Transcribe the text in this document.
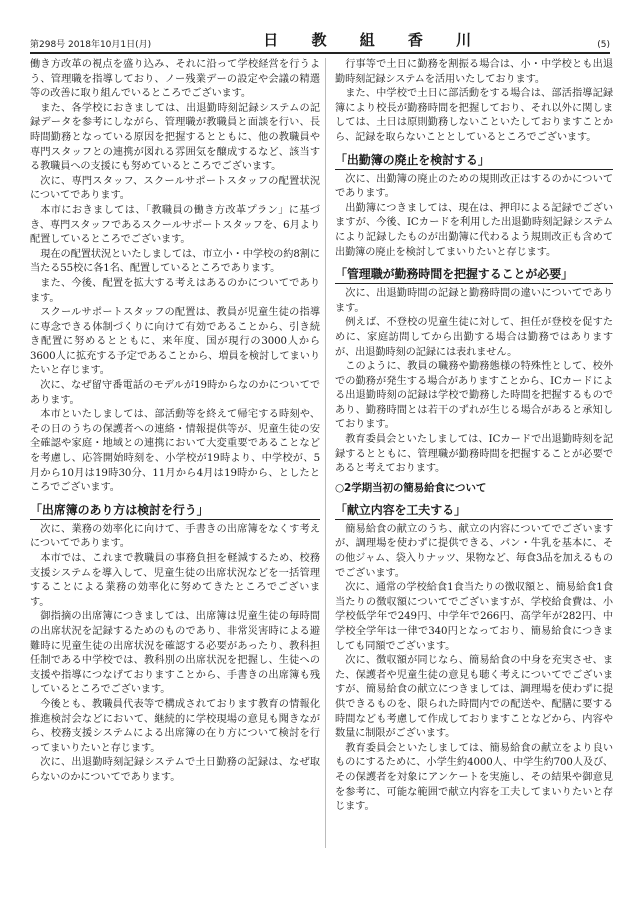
第298号 2018年10月1日(月)	日 教 組 香 川	(5)

働き方改革の視点を盛り込み、それに沿って学校経営を行うよう、管理職を指導しており、ノー残業デーの設定や会議の精選等の改善に取り組んでいるところでございます。

また、各学校におきましては、出退勤時刻記録システムの記録データを参考にしながら、管理職が教職員と面談を行い、長時間勤務となっている原因を把握するとともに、他の教職員や専門スタッフとの連携が図れる雰囲気を醸成するなど、該当する教職員への支援にも努めているところでございます。

次に、専門スタッフ、スクールサポートスタッフの配置状況についてであります。

本市におきましては、「教職員の働き方改革プラン」に基づき、専門スタッフであるスクールサポートスタッフを、6月より配置しているところでございます。

現在の配置状況といたしましては、市立小・中学校の約8割に当たる55校に各1名、配置しているところであります。

また、今後、配置を拡大する考えはあるのかについてであります。

スクールサポートスタッフの配置は、教員が児童生徒の指導に専念できる体制づくりに向けて有効であることから、引き続き配置に努めるとともに、来年度、国が現行の3000人から3600人に拡充する予定であることから、増員を検討してまいりたいと存じます。

次に、なぜ留守番電話のモデルが19時からなのかについてであります。

本市といたしましては、部活動等を終えて帰宅する時刻や、その日のうちの保護者への連絡・情報提供等が、児童生徒の安全確認や家庭・地域との連携において大変重要であることなどを考慮し、応答開始時刻を、小学校が19時より、中学校が、5月から10月は19時30分、11月から4月は19時から、としたところでございます。

「出席簿のあり方は検討を行う」

次に、業務の効率化に向けて、手書きの出席簿をなくす考えについてであります。

本市では、これまで教職員の事務負担を軽減するため、校務支援システムを導入して、児童生徒の出席状況などを一括管理することによる業務の効率化に努めてきたところでございます。

御指摘の出席簿につきましては、出席簿は児童生徒の毎時間の出席状況を記録するためのものであり、非常災害時による避難時に児童生徒の出席状況を確認する必要があったり、教科担任制である中学校では、教科別の出席状況を把握し、生徒への支援や指導につなげておりますことから、手書きの出席簿も残しているところでございます。

今後とも、教職員代表等で構成されております教育の情報化推進検討会などにおいて、継続的に学校現場の意見も聞きながら、校務支援システムによる出席簿の在り方について検討を行ってまいりたいと存じます。

次に、出退勤時刻記録システムで土日勤務の記録は、なぜ取らないのかについてであります。

行事等で土日に勤務を割振る場合は、小・中学校とも出退勤時刻記録システムを活用いたしております。

また、中学校で土日に部活動をする場合は、部活指導記録簿により校長が勤務時間を把握しており、それ以外に関しましては、土日は原則勤務しないこといたしておりますことから、記録を取らないこととしているところでございます。

「出勤簿の廃止を検討する」

次に、出勤簿の廃止のための規則改正はするのかについてであります。

出勤簿につきましては、現在は、押印による記録でございますが、今後、ICカードを利用した出退勤時刻記録システムにより記録したものが出勤簿に代わるよう規則改正も含めて出勤簿の廃止を検討してまいりたいと存じます。

「管理職が勤務時間を把握することが必要」

次に、出退勤時間の記録と勤務時間の違いについてであります。

例えば、不登校の児童生徒に対して、担任が登校を促すために、家庭訪問してから出勤する場合は勤務ではありますが、出退勤時刻の記録には表れません。

このように、教員の職務や勤務態様の特殊性として、校外での勤務が発生する場合がありますことから、ICカードによる出退勤時刻の記録は学校で勤務した時間を把握するものであり、勤務時間とは若干のずれが生じる場合があると承知しております。

教育委員会といたしましては、ICカードで出退勤時刻を記録するとともに、管理職が勤務時間を把握することが必要であると考えております。

○2学期当初の簡易給食について
「献立内容を工夫する」

簡易給食の献立のうち、献立の内容についてでございますが、調理場を使わずに提供できる、パン・牛乳を基本に、その他ジャム、袋入りナッツ、果物など、毎食3品を加えるものでございます。

次に、通常の学校給食1食当たりの徴収額と、簡易給食1食当たりの徴収額についてでございますが、学校給食費は、小学校低学年で249円、中学年で266円、高学年が282円、中学校全学年は一律で340円となっており、簡易給食につきましても同額でございます。

次に、徴収額が同じなら、簡易給食の中身を充実させ、また、保護者や児童生徒の意見も聴く考えについてでございますが、簡易給食の献立につきましては、調理場を使わずに提供できるものを、限られた時間内での配送や、配膳に要する時間なども考慮して作成しておりますことなどから、内容や数量に制限がございます。

教育委員会といたしましては、簡易給食の献立をより良いものにするために、小学生約4000人、中学生約700人及び、その保護者を対象にアンケートを実施し、その結果や御意見を参考に、可能な範囲で献立内容を工夫してまいりたいと存じます。
